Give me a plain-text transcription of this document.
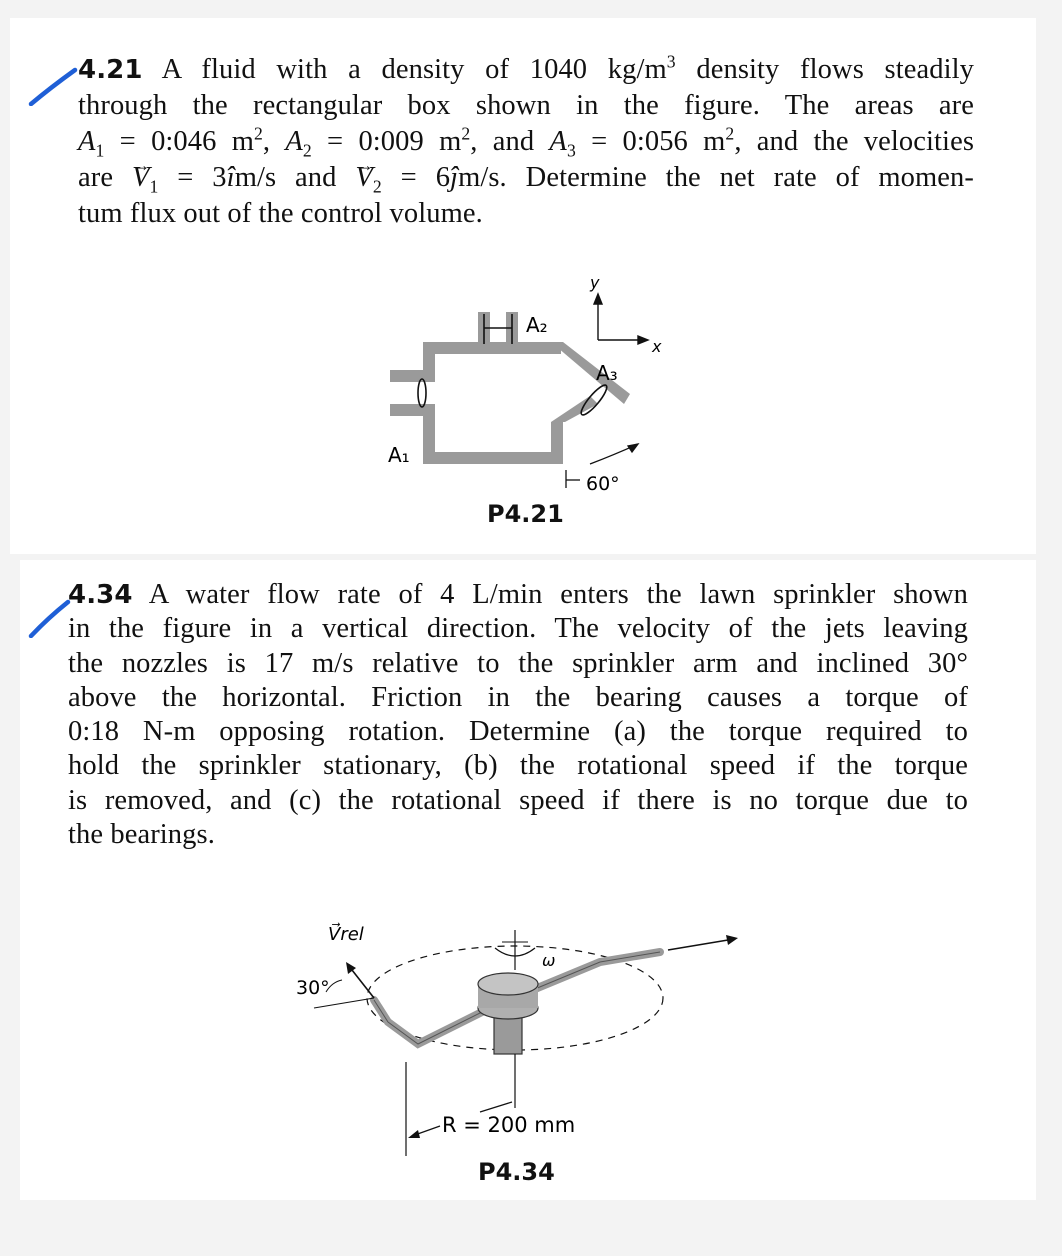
4.21 A fluid with a density of 1040 $kg/m^3$ density flows steadily
through the rectangular box shown in the figure. The areas are
$A_1$ = 0:046 $m^2$, $A_2$ = 0:009 $m^2$, and $A_3$ = 0:056 $m^2$, and the velocities
are → $V_1$ = 3îm/s and → $V_2$ = 6ĵm/s. Determine the net rate of momen-
tum flux out of the control volume.
y
x
A₂
A₃
A₁
60°
P4.21
4.34 A water flow rate of 4 L/min enters the lawn sprinkler shown
in the figure in a vertical direction. The velocity of the jets leaving
the nozzles is 17 m/s relative to the sprinkler arm and inclined 30°
above the horizontal. Friction in the bearing causes a torque of
0:18 N-m opposing rotation. Determine (a) the torque required to
hold the sprinkler stationary, (b) the rotational speed if the torque
is removed, and (c) the rotational speed if there is no torque due to
the bearings.
ω
V⃗rel
30°
R = 200 mm
P4.34
